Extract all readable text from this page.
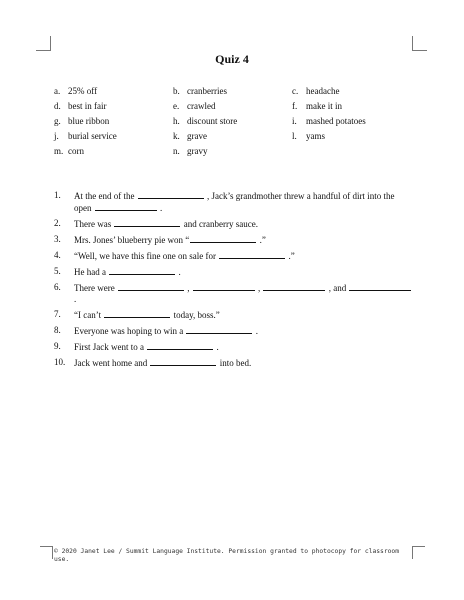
Quiz 4
a. 25% off	b. cranberries	c. headache
d. best in fair	e. crawled	f. make it in
g. blue ribbon	h. discount store	i. mashed potatoes
j. burial service	k. grave	l. yams
m. corn	n. gravy
1.	At the end of the	, Jack’s grandmother threw a handful of dirt into the open	.
2.	There was	and cranberry sauce.
3.	Mrs. Jones’ blueberry pie won “	.”
4.	“Well, we have this fine one on sale for	.”
5.	He had a	.
6.	There were	,	,	, and  .
7.	“I can’t	today, boss.”
8.	Everyone was hoping to win a	.
9.	First Jack went to a	.
10. Jack went home and	into bed.
© 2020 Janet Lee / Summit Language Institute. Permission granted to photocopy for classroom use.
